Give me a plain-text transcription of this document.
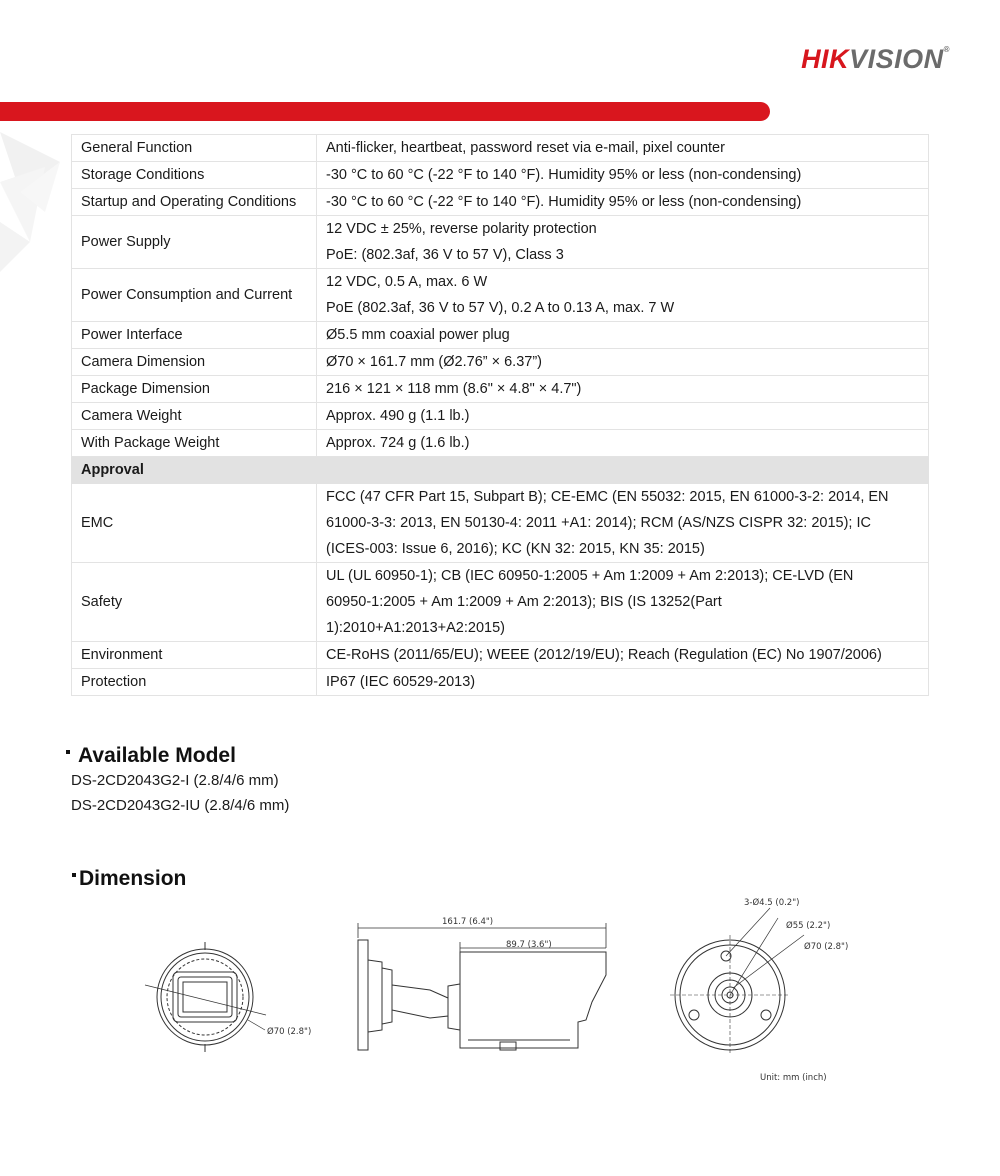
HIKVISION®
General Function	Anti-flicker, heartbeat, password reset via e-mail, pixel counter

Storage Conditions	-30 °C to 60 °C (-22 °F to 140 °F). Humidity 95% or less (non-condensing)

Startup and Operating Conditions	-30 °C to 60 °C (-22 °F to 140 °F). Humidity 95% or less (non-condensing)

Power Supply	12 VDC ± 25%, reverse polarity protection
PoE: (802.3af, 36 V to 57 V), Class 3

Power Consumption and Current	12 VDC, 0.5 A, max. 6 W
PoE (802.3af, 36 V to 57 V), 0.2 A to 0.13 A, max. 7 W

Power Interface	Ø5.5 mm coaxial power plug

Camera Dimension	Ø70 × 161.7 mm (Ø2.76” × 6.37”)

Package Dimension	216 × 121 × 118 mm (8.6" × 4.8" × 4.7")

Camera Weight	Approx. 490 g (1.1 lb.)

With Package Weight	Approx. 724 g (1.6 lb.)

Approval	
EMC	FCC (47 CFR Part 15, Subpart B); CE-EMC (EN 55032: 2015, EN 61000-3-2: 2014, EN
61000-3-3: 2013, EN 50130-4: 2011 +A1: 2014); RCM (AS/NZS CISPR 32: 2015); IC
(ICES-003: Issue 6, 2016); KC (KN 32: 2015, KN 35: 2015)

Safety	UL (UL 60950-1); CB (IEC 60950-1:2005 + Am 1:2009 + Am 2:2013); CE-LVD (EN
60950-1:2005 + Am 1:2009 + Am 2:2013); BIS (IS 13252(Part
1):2010+A1:2013+A2:2015)

Environment	CE-RoHS (2011/65/EU); WEEE (2012/19/EU); Reach (Regulation (EC) No 1907/2006)

Protection	IP67 (IEC 60529-2013)
Available Model
DS-2CD2043G2-I (2.8/4/6 mm)
DS-2CD2043G2-IU (2.8/4/6 mm)
Dimension
Ø70 (2.8")
161.7 (6.4")
89.7 (3.6")
3-Ø4.5 (0.2")
Ø55 (2.2")
Ø70 (2.8")
Unit: mm (inch)
